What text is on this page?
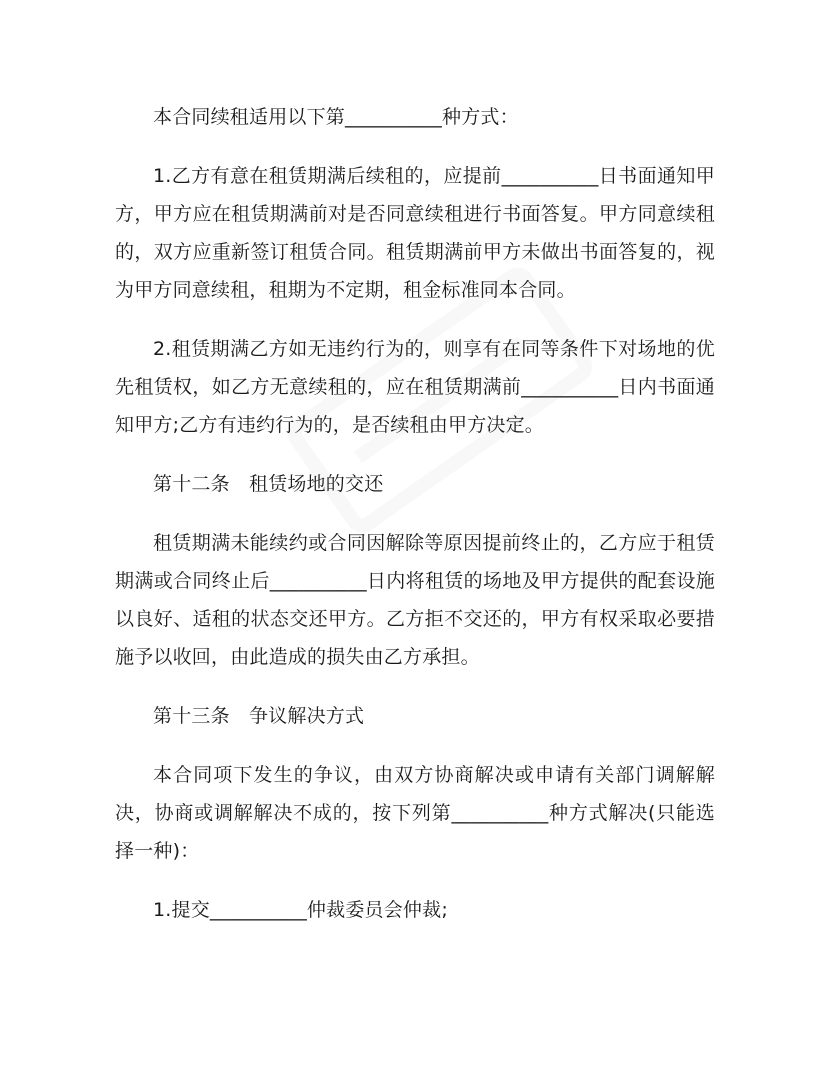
本合同续租适用以下第__________种方式：

1.乙方有意在租赁期满后续租的，应提前__________日书面通知甲方，甲方应在租赁期满前对是否同意续租进行书面答复。甲方同意续租的，双方应重新签订租赁合同。租赁期满前甲方未做出书面答复的，视为甲方同意续租，租期为不定期，租金标准同本合同。

2.租赁期满乙方如无违约行为的，则享有在同等条件下对场地的优先租赁权，如乙方无意续租的，应在租赁期满前__________日内书面通知甲方;乙方有违约行为的，是否续租由甲方决定。

第十二条　租赁场地的交还

租赁期满未能续约或合同因解除等原因提前终止的，乙方应于租赁期满或合同终止后__________日内将租赁的场地及甲方提供的配套设施以良好、适租的状态交还甲方。乙方拒不交还的，甲方有权采取必要措施予以收回，由此造成的损失由乙方承担。

第十三条　争议解决方式

本合同项下发生的争议，由双方协商解决或申请有关部门调解解决，协商或调解解决不成的，按下列第__________种方式解决(只能选择一种)：

1.提交__________仲裁委员会仲裁;
